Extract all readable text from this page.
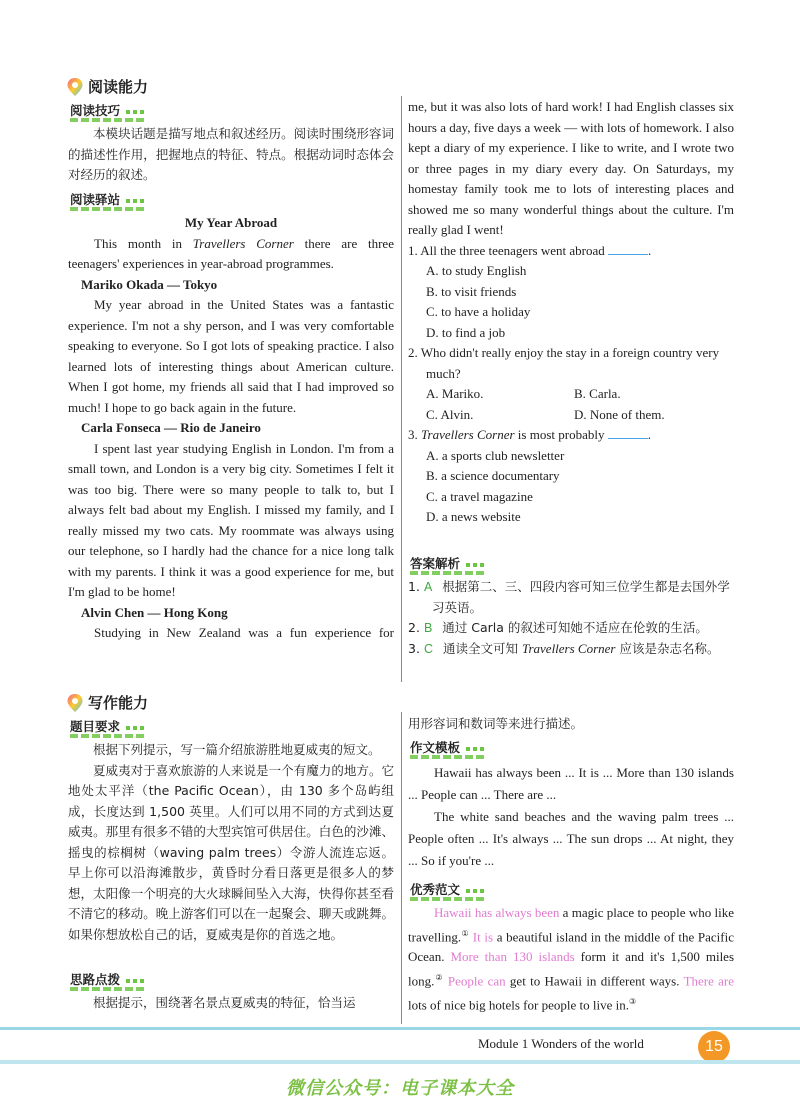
阅读能力
阅读技巧
本模块话题是描写地点和叙述经历。阅读时围绕形容词的描述性作用，把握地点的特征、特点。根据动词时态体会对经历的叙述。
阅读驿站
My Year Abroad
This month in Travellers Corner there are three teenagers' experiences in year-abroad programmes.
Mariko Okada — Tokyo
My year abroad in the United States was a fantastic experience. I'm not a shy person, and I was very comfortable speaking to everyone. So I got lots of speaking practice. I also learned lots of interesting things about American culture. When I got home, my friends all said that I had improved so much! I hope to go back again in the future.
Carla Fonseca — Rio de Janeiro
I spent last year studying English in London. I'm from a small town, and London is a very big city. Sometimes I felt it was too big. There were so many people to talk to, but I always felt bad about my English. I missed my family, and I really missed my two cats. My roommate was always using our telephone, so I hardly had the chance for a nice long talk with my parents. I think it was a good experience for me, but I'm glad to be home!
Alvin Chen — Hong Kong
Studying in New Zealand was a fun experience for
me, but it was also lots of hard work! I had English classes six hours a day, five days a week — with lots of homework. I also kept a diary of my experience. I like to write, and I wrote two or three pages in my diary every day. On Saturdays, my homestay family took me to lots of interesting places and showed me so many wonderful things about the culture. I'm really glad I went!
1. All the three teenagers went abroad	.
A. to study English
B. to visit friends
C. to have a holiday
D. to find a job
2. Who didn't really enjoy the stay in a foreign country very much?
A. Mariko.	B. Carla.
C. Alvin.	D. None of them.
3. Travellers Corner is most probably	.
A. a sports club newsletter
B. a science documentary
C. a travel magazine
D. a news website
答案解析
1. A 根据第二、三、四段内容可知三位学生都是去国外学习英语。
2. B 通过 Carla 的叙述可知她不适应在伦敦的生活。
3. C 通读全文可知 Travellers Corner 应该是杂志名称。
写作能力
题目要求
根据下列提示，写一篇介绍旅游胜地夏威夷的短文。
夏威夷对于喜欢旅游的人来说是一个有魔力的地方。它地处太平洋（the Pacific Ocean），由 130 多个岛屿组成，长度达到 1,500 英里。人们可以用不同的方式到达夏威夷。那里有很多不错的大型宾馆可供居住。白色的沙滩、摇曳的棕榈树（waving palm trees）令游人流连忘返。早上你可以沿海滩散步，黄昏时分看日落更是很多人的梦想，太阳像一个明亮的大火球瞬间坠入大海，快得你甚至看不清它的移动。晚上游客们可以在一起聚会、聊天或跳舞。如果你想放松自己的话，夏威夷是你的首选之地。
思路点拨
根据提示，围绕著名景点夏威夷的特征，恰当运
用形容词和数词等来进行描述。
作文模板
Hawaii has always been ... It is ... More than 130 islands ... People can ... There are ...
The white sand beaches and the waving palm trees ... People often ... It's always ... The sun drops ... At night, they ... So if you're ...
优秀范文
Hawaii has always been a magic place to people who like travelling.① It is a beautiful island in the middle of the Pacific Ocean. More than 130 islands form it and it's 1,500 miles long.② People can get to Hawaii in different ways. There are lots of nice big hotels for people to live in.③
Module 1 Wonders of the world	15
微信公众号：电子课本大全
